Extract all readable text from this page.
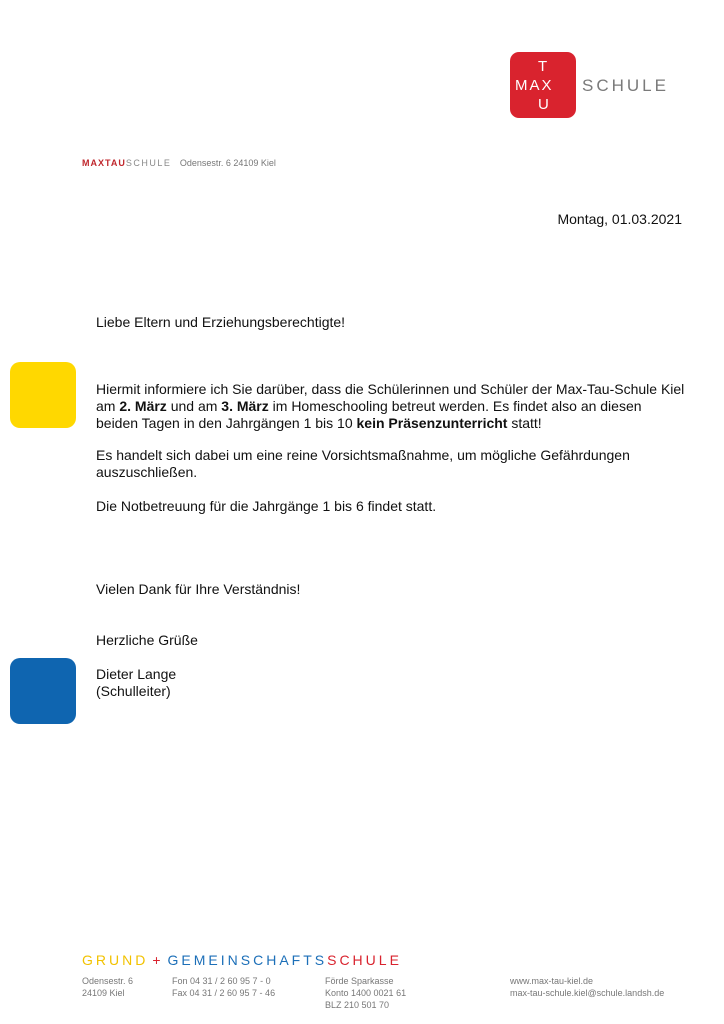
T
MAX
U
SCHULE
MAXTAUSCHULE Odensestr. 6 24109 Kiel
Montag, 01.03.2021
Liebe Eltern und Erziehungsberechtigte!
Hiermit informiere ich Sie darüber, dass die Schülerinnen und Schüler der Max-Tau-Schule Kiel am 2. März und am 3. März im Homeschooling betreut werden. Es findet also an diesen beiden Tagen in den Jahrgängen 1 bis 10 kein Präsenzunterricht statt!
Es handelt sich dabei um eine reine Vorsichtsmaßnahme, um mögliche Gefährdungen auszuschließen.
Die Notbetreuung für die Jahrgänge 1 bis 6 findet statt.
Vielen Dank für Ihre Verständnis!
Herzliche Grüße
Dieter Lange
(Schulleiter)
GRUND + GEMEINSCHAFTSSCHULE
Odensestr. 6
24109 Kiel
Fon 04 31 / 2 60 95 7 - 0
Fax 04 31 / 2 60 95 7 - 46
Förde Sparkasse
Konto 1400 0021 61
BLZ 210 501 70
www.max-tau-kiel.de
max-tau-schule.kiel@schule.landsh.de
